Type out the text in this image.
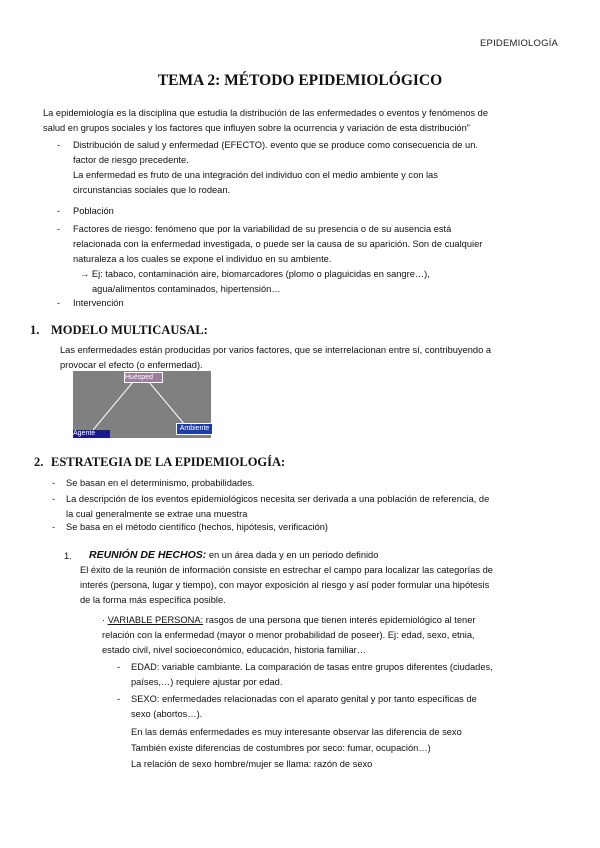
EPIDEMIOLOGÍA
TEMA 2: MÉTODO EPIDEMIOLÓGICO
La epidemiología es la disciplina que estudia la distribución de las enfermedades o eventos y fenómenos de
salud en grupos sociales y los factores que influyen sobre la ocurrencia y variación de esta distribución”
- Distribución de salud y enfermedad (EFECTO). evento que se produce como consecuencia de un.
factor de riesgo precedente.
La enfermedad es fruto de una integración del individuo con el medio ambiente y con las
circunstancias sociales que lo rodean.
- Población
- Factores de riesgo: fenómeno que por la variabilidad de su presencia o de su ausencia está
relacionada con la enfermedad investigada, o puede ser la causa de su aparición. Son de cualquier
naturaleza a los cuales se expone el individuo en su ambiente.
→ Ej: tabaco, contaminación aire, biomarcadores (plomo o plaguicidas en sangre…),
agua/alimentos contaminados, hipertensión…
- Intervención
1. MODELO MULTICAUSAL:
Las enfermedades están producidas por varios factores, que se interrelacionan entre sí, contribuyendo a
provocar el efecto (o enfermedad).
Huésped
Agente
Ambiente
2. ESTRATEGIA DE LA EPIDEMIOLOGÍA:
- Se basan en el determinismo, probabilidades.
- La descripción de los eventos epidemiológicos necesita ser derivada a una población de referencia, de
la cual generalmente se extrae una muestra
- Se basa en el método científico (hechos, hipótesis, verificación)
1. REUNIÓN DE HECHOS: en un área dada y en un periodo definido
El éxito de la reunión de información consiste en estrechar el campo para localizar las categorías de
interés (persona, lugar y tiempo), con mayor exposición al riesgo y así poder formular una hipótesis
de la forma más específica posible.
· VARIABLE PERSONA: rasgos de una persona que tienen interés epidemiológico al tener
relación con la enfermedad (mayor o menor probabilidad de poseer). Ej: edad, sexo, etnia,
estado civil, nivel socioeconómico, educación, historia familiar…
- EDAD: variable cambiante. La comparación de tasas entre grupos diferentes (ciudades,
países,…) requiere ajustar por edad.
- SEXO: enfermedades relacionadas con el aparato genital y por tanto específicas de
sexo (abortos…).
En las demás enfermedades es muy interesante observar las diferencia de sexo
También existe diferencias de costumbres por seco: fumar, ocupación…)
La relación de sexo hombre/mujer se llama: razón de sexo
